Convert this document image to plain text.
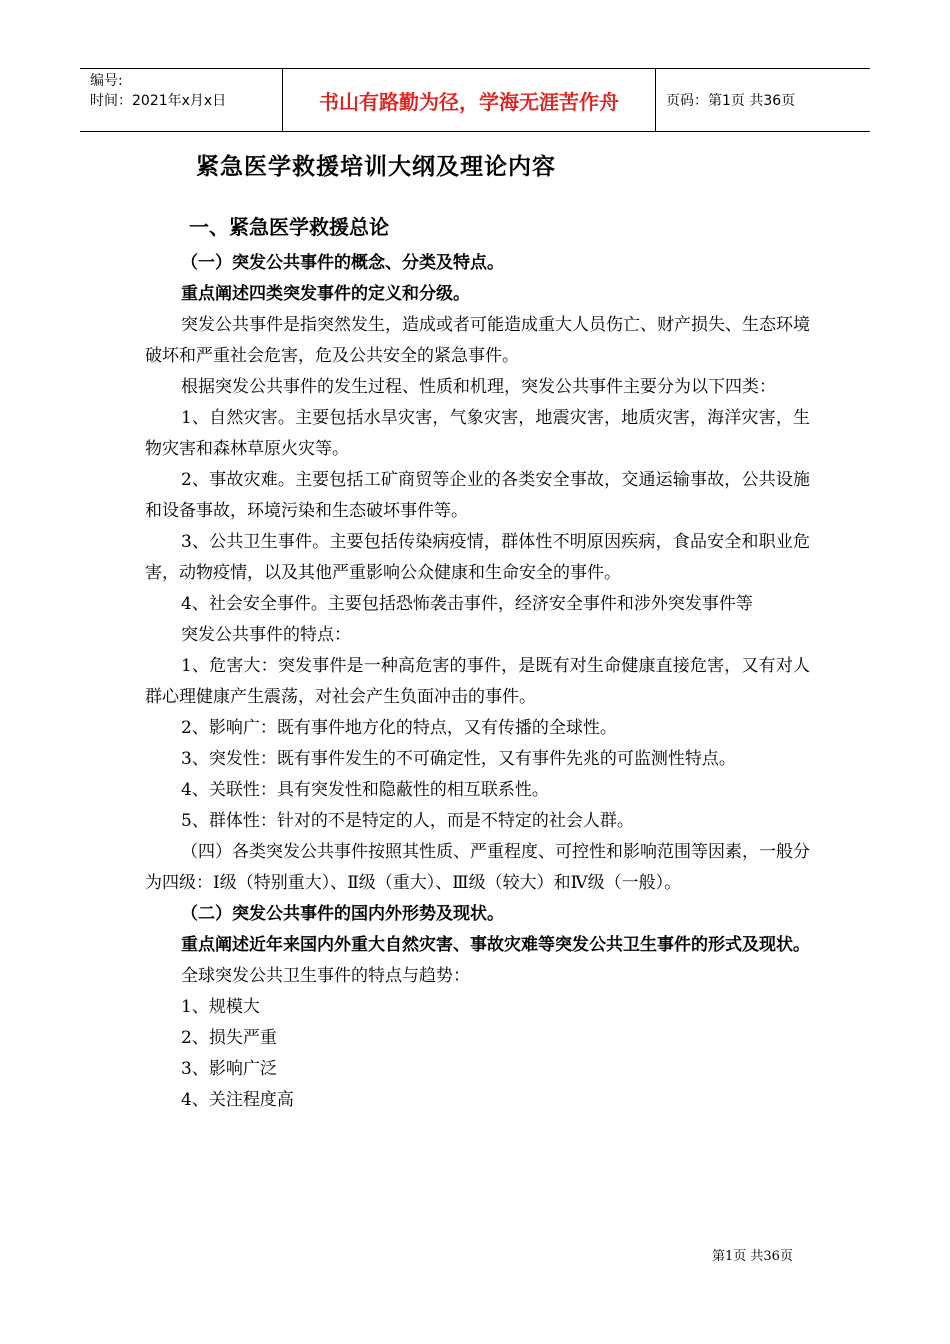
编号:
时间：2021年x月x日	书山有路勤为径，学海无涯苦作舟	页码：第1页 共36页
紧急医学救援培训大纲及理论内容

一、紧急医学救援总论

（一）突发公共事件的概念、分类及特点。

重点阐述四类突发事件的定义和分级。

突发公共事件是指突然发生，造成或者可能造成重大人员伤亡、财产损失、生态环境破坏和严重社会危害，危及公共安全的紧急事件。

根据突发公共事件的发生过程、性质和机理，突发公共事件主要分为以下四类：

1、自然灾害。主要包括水旱灾害，气象灾害，地震灾害，地质灾害，海洋灾害，生物灾害和森林草原火灾等。

2、事故灾难。主要包括工矿商贸等企业的各类安全事故，交通运输事故，公共设施和设备事故，环境污染和生态破坏事件等。

3、公共卫生事件。主要包括传染病疫情，群体性不明原因疾病，食品安全和职业危害，动物疫情，以及其他严重影响公众健康和生命安全的事件。

4、社会安全事件。主要包括恐怖袭击事件，经济安全事件和涉外突发事件等

突发公共事件的特点：

1、危害大：突发事件是一种高危害的事件，是既有对生命健康直接危害，又有对人群心理健康产生震荡，对社会产生负面冲击的事件。

2、影响广：既有事件地方化的特点，又有传播的全球性。

3、突发性：既有事件发生的不可确定性，又有事件先兆的可监测性特点。

4、关联性：具有突发性和隐蔽性的相互联系性。

5、群体性：针对的不是特定的人，而是不特定的社会人群。

（四）各类突发公共事件按照其性质、严重程度、可控性和影响范围等因素，一般分为四级：Ⅰ级（特别重大）、Ⅱ级（重大）、Ⅲ级（较大）和Ⅳ级（一般）。

（二）突发公共事件的国内外形势及现状。

重点阐述近年来国内外重大自然灾害、事故灾难等突发公共卫生事件的形式及现状。

全球突发公共卫生事件的特点与趋势：

1、规模大

2、损失严重

3、影响广泛

4、关注程度高

第1页 共36页
